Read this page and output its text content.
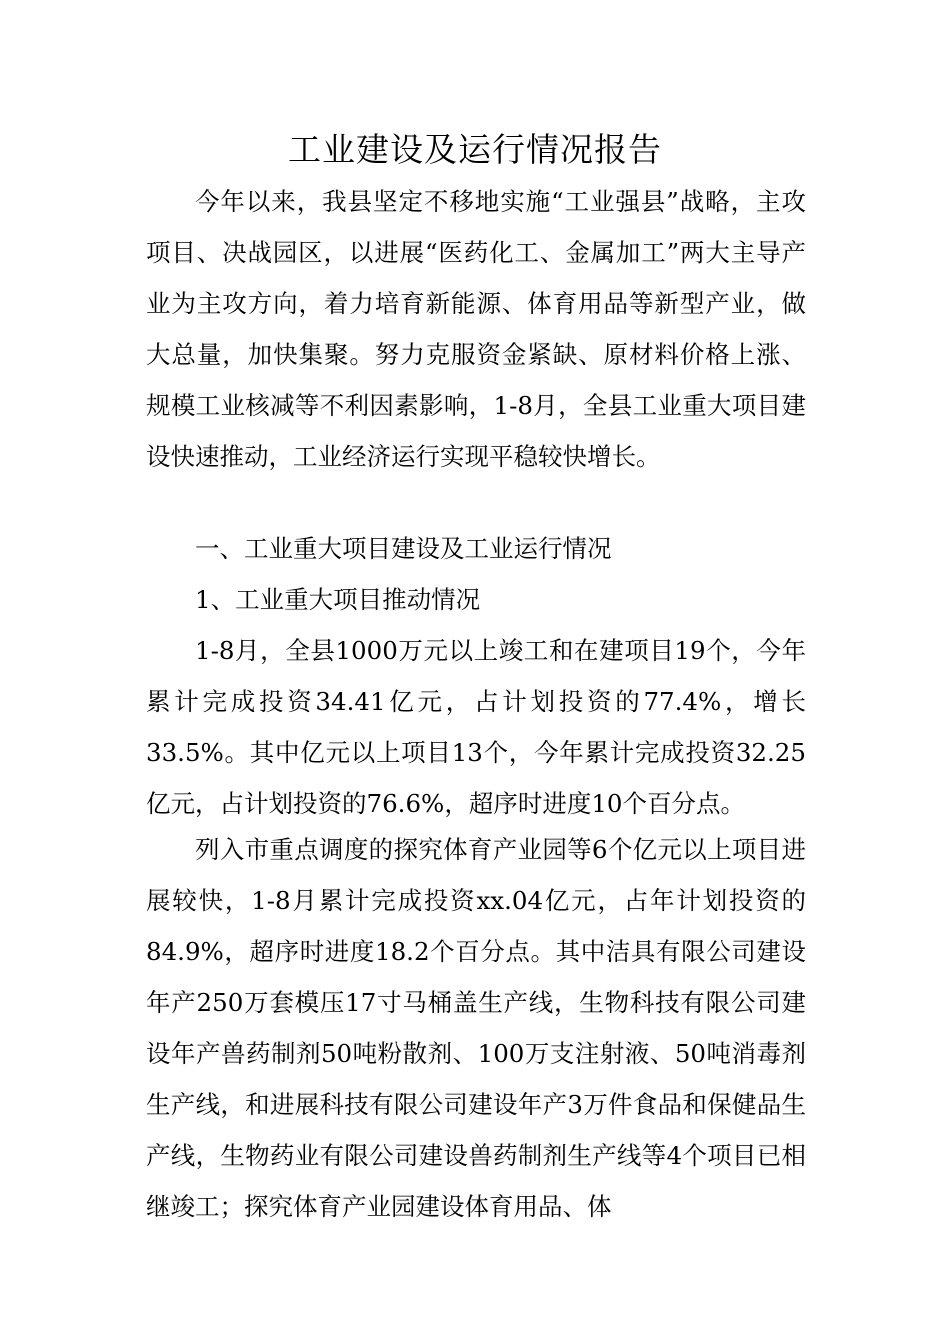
工业建设及运行情况报告

今年以来，我县坚定不移地实施“工业强县”战略，主攻项目、决战园区，以进展“医药化工、金属加工”两大主导产业为主攻方向，着力培育新能源、体育用品等新型产业，做大总量，加快集聚。努力克服资金紧缺、原材料价格上涨、规模工业核减等不利因素影响，1-8月，全县工业重大项目建设快速推动，工业经济运行实现平稳较快增长。

一、工业重大项目建设及工业运行情况

1、工业重大项目推动情况

1-8月，全县1000万元以上竣工和在建项目19个，今年累计完成投资34.41亿元，占计划投资的77.4%，增长33.5%。其中亿元以上项目13个，今年累计完成投资32.25亿元，占计划投资的76.6%，超序时进度10个百分点。

列入市重点调度的探究体育产业园等6个亿元以上项目进展较快，1-8月累计完成投资xx.04亿元，占年计划投资的84.9%，超序时进度18.2个百分点。其中洁具有限公司建设年产250万套模压17寸马桶盖生产线，生物科技有限公司建设年产兽药制剂50吨粉散剂、100万支注射液、50吨消毒剂生产线，和进展科技有限公司建设年产3万件食品和保健品生产线，生物药业有限公司建设兽药制剂生产线等4个项目已相继竣工；探究体育产业园建设体育用品、体
